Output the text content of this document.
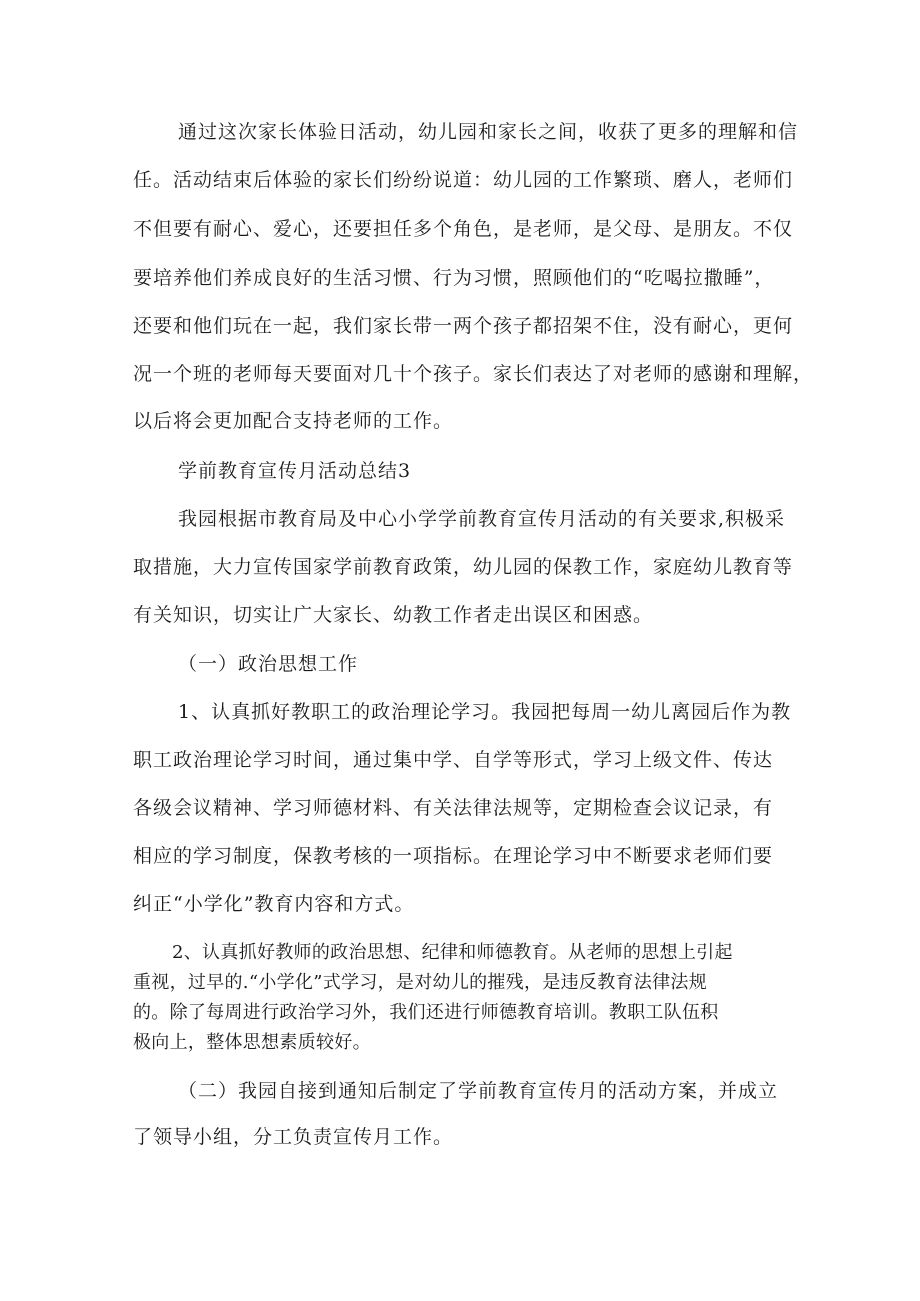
通过这次家长体验日活动，幼儿园和家长之间，收获了更多的理解和信
任。活动结束后体验的家长们纷纷说道：幼儿园的工作繁琐、磨人，老师们
不但要有耐心、爱心，还要担任多个角色，是老师，是父母、是朋友。不仅
要培养他们养成良好的生活习惯、行为习惯，照顾他们的“吃喝拉撒睡”，
还要和他们玩在一起，我们家长带一两个孩子都招架不住，没有耐心，更何
况一个班的老师每天要面对几十个孩子。家长们表达了对老师的感谢和理解，
以后将会更加配合支持老师的工作。
学前教育宣传月活动总结3
我园根据市教育局及中心小学学前教育宣传月活动的有关要求,积极采
取措施，大力宣传国家学前教育政策，幼儿园的保教工作，家庭幼儿教育等
有关知识，切实让广大家长、幼教工作者走出误区和困惑。
（一）政治思想工作
1、认真抓好教职工的政治理论学习。我园把每周一幼儿离园后作为教
职工政治理论学习时间，通过集中学、自学等形式，学习上级文件、传达
各级会议精神、学习师德材料、有关法律法规等，定期检查会议记录，有
相应的学习制度，保教考核的一项指标。在理论学习中不断要求老师们要
纠正“小学化”教育内容和方式。
2、认真抓好教师的政治思想、纪律和师德教育。从老师的思想上引起
重视，过早的.“小学化”式学习，是对幼儿的摧残，是违反教育法律法规
的。除了每周进行政治学习外，我们还进行师德教育培训。教职工队伍积
极向上，整体思想素质较好。
（二）我园自接到通知后制定了学前教育宣传月的活动方案，并成立
了领导小组，分工负责宣传月工作。
